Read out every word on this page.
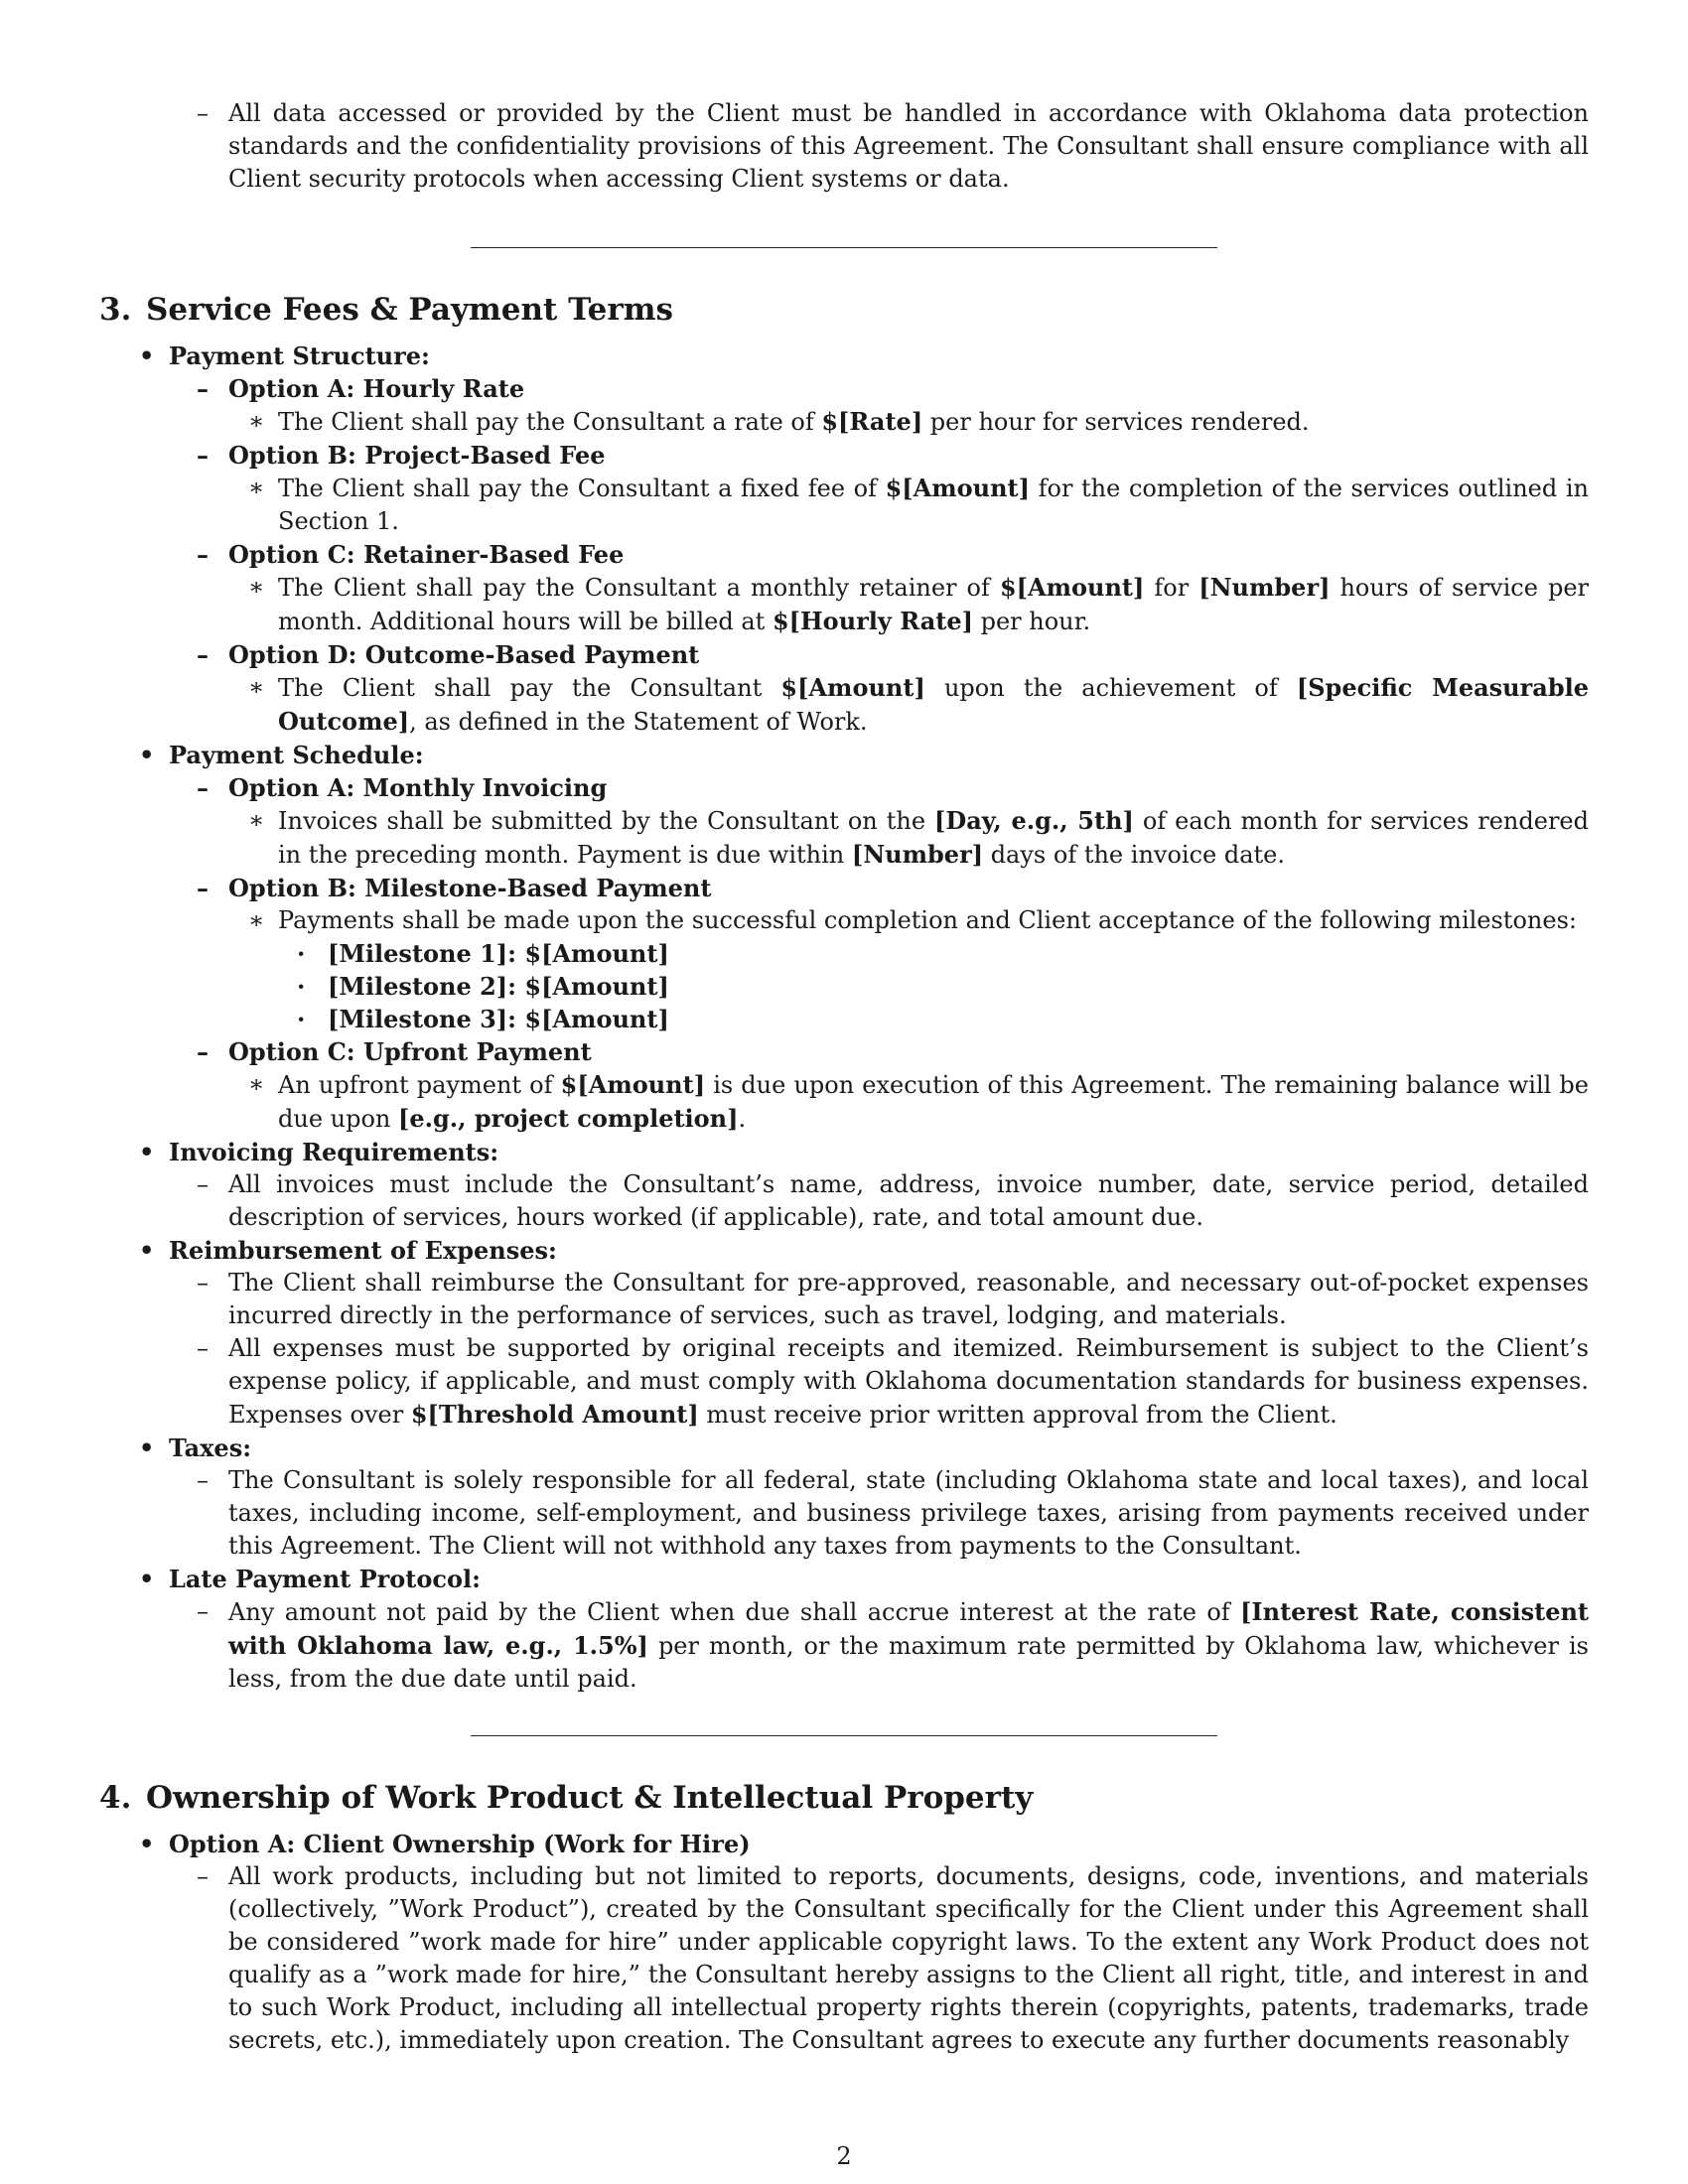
– All data accessed or provided by the Client must be handled in accordance with Oklahoma data protection standards and the confidentiality provisions of this Agreement. The Consultant shall ensure compliance with all Client security protocols when accessing Client systems or data.
3. Service Fees & Payment Terms
• Payment Structure:
– Option A: Hourly Rate
∗ The Client shall pay the Consultant a rate of $[Rate] per hour for services rendered.
– Option B: Project-Based Fee
∗ The Client shall pay the Consultant a fixed fee of $[Amount] for the completion of the services outlined in Section 1.
– Option C: Retainer-Based Fee
∗ The Client shall pay the Consultant a monthly retainer of $[Amount] for [Number] hours of service per month. Additional hours will be billed at $[Hourly Rate] per hour.
– Option D: Outcome-Based Payment
∗ The Client shall pay the Consultant $[Amount] upon the achievement of [Specific Measurable Outcome], as defined in the Statement of Work.
• Payment Schedule:
– Option A: Monthly Invoicing
∗ Invoices shall be submitted by the Consultant on the [Day, e.g., 5th] of each month for services rendered in the preceding month. Payment is due within [Number] days of the invoice date.
– Option B: Milestone-Based Payment
∗ Payments shall be made upon the successful completion and Client acceptance of the following milestones:
· [Milestone 1]: $[Amount]
· [Milestone 2]: $[Amount]
· [Milestone 3]: $[Amount]
– Option C: Upfront Payment
∗ An upfront payment of $[Amount] is due upon execution of this Agreement. The remaining balance will be due upon [e.g., project completion].
• Invoicing Requirements:
– All invoices must include the Consultant’s name, address, invoice number, date, service period, detailed description of services, hours worked (if applicable), rate, and total amount due.
• Reimbursement of Expenses:
– The Client shall reimburse the Consultant for pre-approved, reasonable, and necessary out-of-pocket expenses incurred directly in the performance of services, such as travel, lodging, and materials.
– All expenses must be supported by original receipts and itemized. Reimbursement is subject to the Client’s expense policy, if applicable, and must comply with Oklahoma documentation standards for business expenses. Expenses over $[Threshold Amount] must receive prior written approval from the Client.
• Taxes:
– The Consultant is solely responsible for all federal, state (including Oklahoma state and local taxes), and local taxes, including income, self-employment, and business privilege taxes, arising from payments received under this Agreement. The Client will not withhold any taxes from payments to the Consultant.
• Late Payment Protocol:
– Any amount not paid by the Client when due shall accrue interest at the rate of [Interest Rate, consistent with Oklahoma law, e.g., 1.5%] per month, or the maximum rate permitted by Oklahoma law, whichever is less, from the due date until paid.
4. Ownership of Work Product & Intellectual Property
• Option A: Client Ownership (Work for Hire)
– All work products, including but not limited to reports, documents, designs, code, inventions, and materials (collectively, ”Work Product”), created by the Consultant specifically for the Client under this Agreement shall be considered ”work made for hire” under applicable copyright laws. To the extent any Work Product does not qualify as a ”work made for hire,” the Consultant hereby assigns to the Client all right, title, and interest in and to such Work Product, including all intellectual property rights therein (copyrights, patents, trademarks, trade secrets, etc.), immediately upon creation. The Consultant agrees to execute any further documents reasonably
2
